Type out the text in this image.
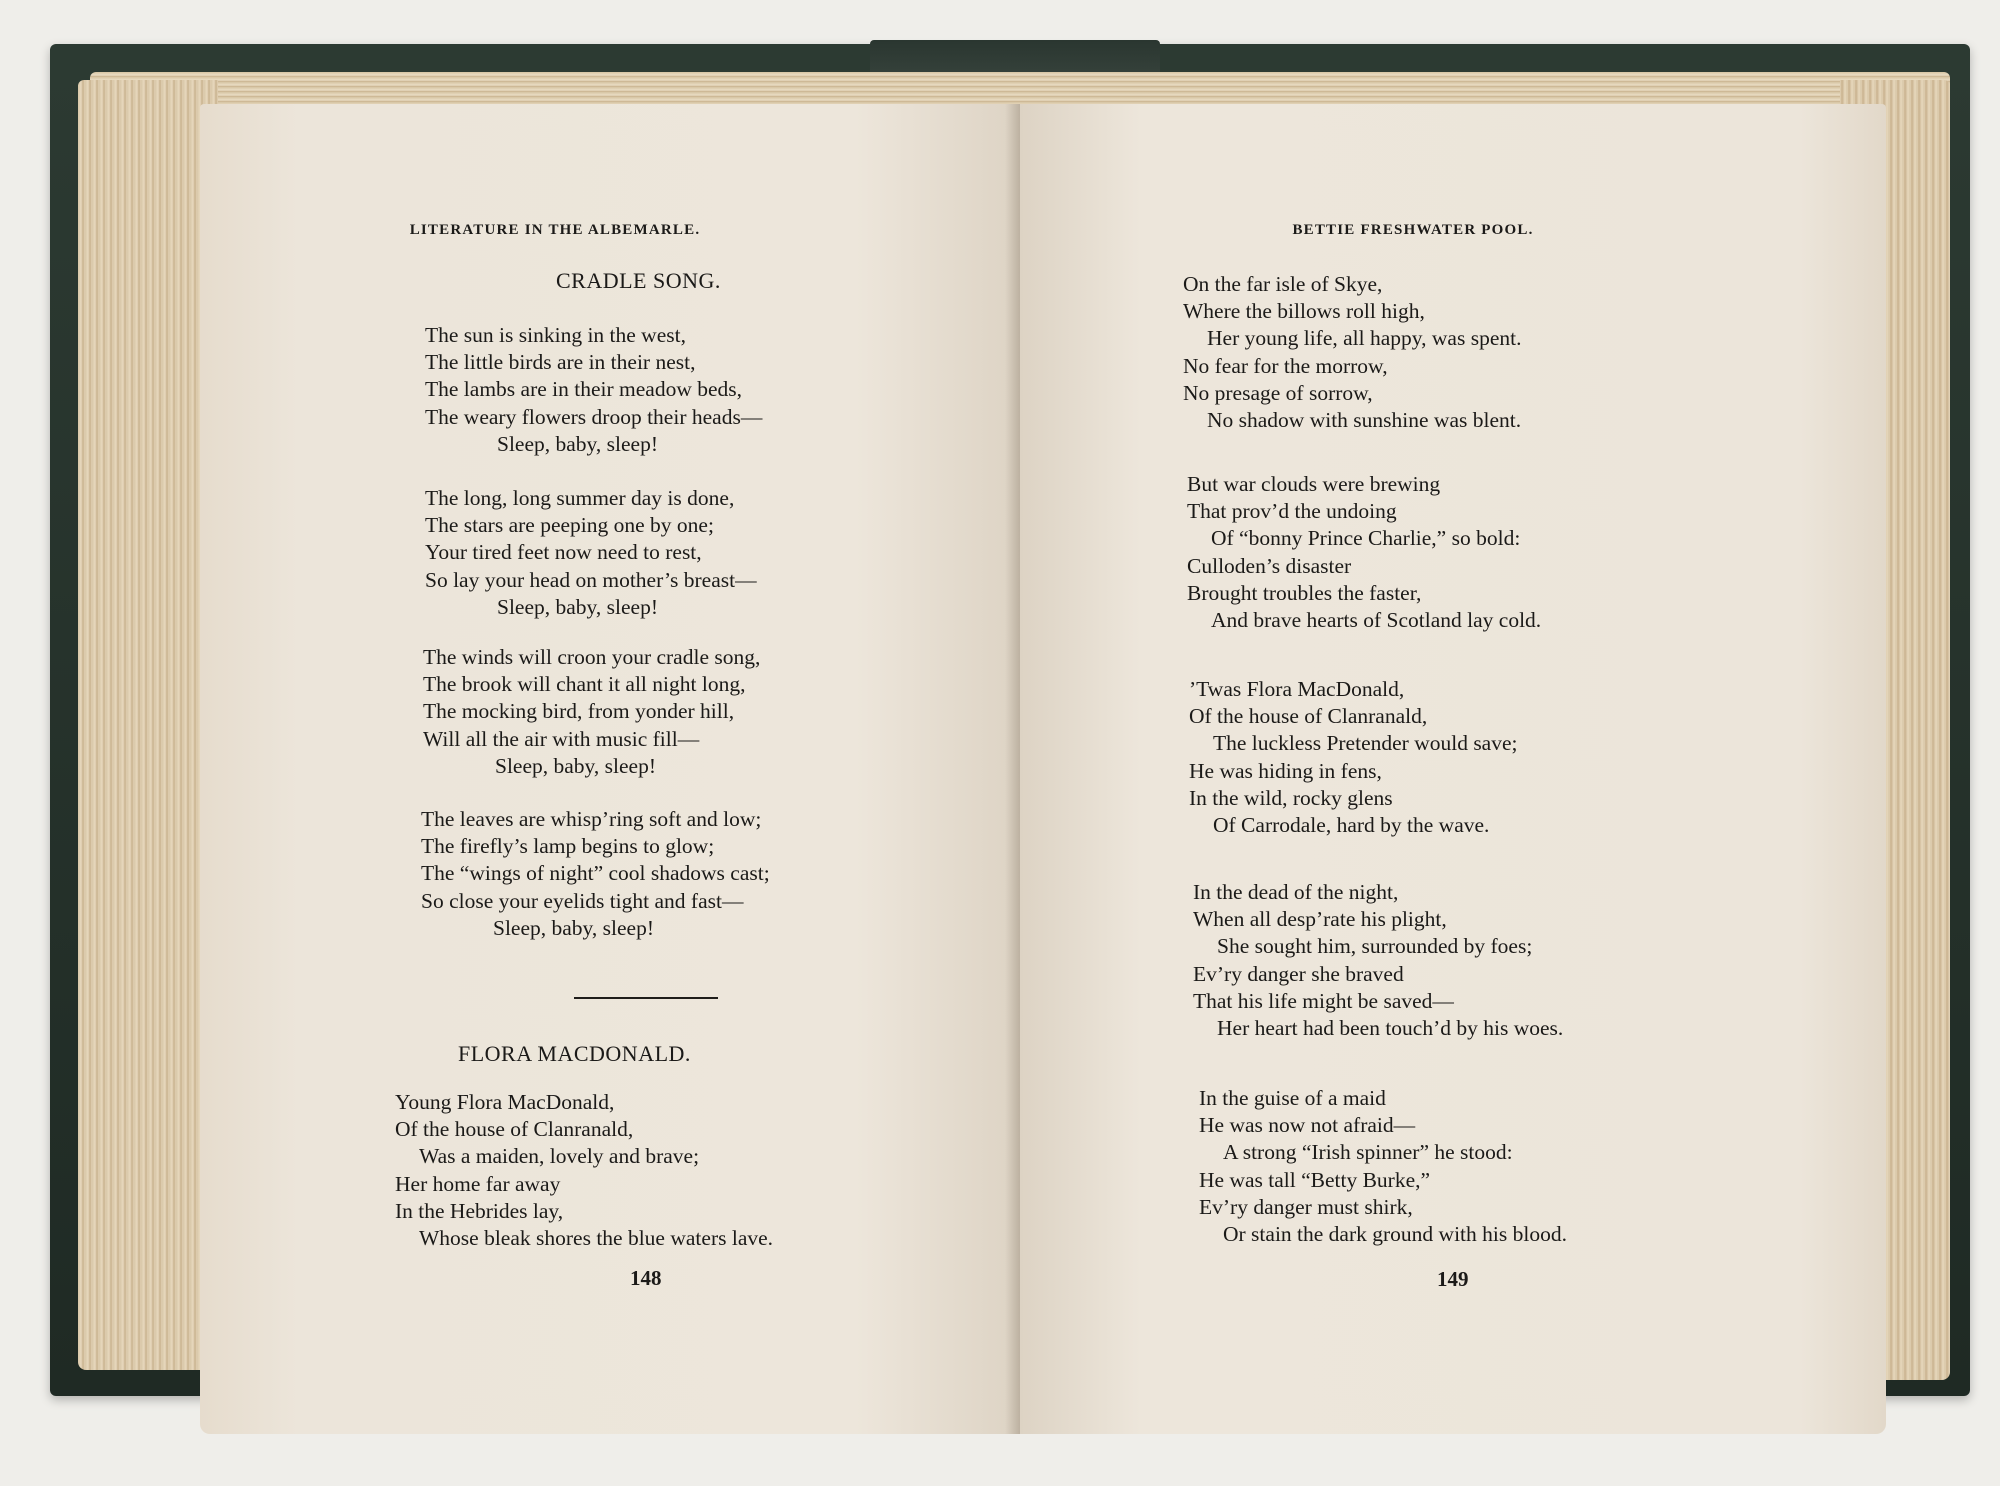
LITERATURE IN THE ALBEMARLE.
CRADLE SONG.
The sun is sinking in the west,
The little birds are in their nest,
The lambs are in their meadow beds,
The weary flowers droop their heads—
Sleep, baby, sleep!
The long, long summer day is done,
The stars are peeping one by one;
Your tired feet now need to rest,
So lay your head on mother’s breast—
Sleep, baby, sleep!
The winds will croon your cradle song,
The brook will chant it all night long,
The mocking bird, from yonder hill,
Will all the air with music fill—
Sleep, baby, sleep!
The leaves are whisp’ring soft and low;
The firefly’s lamp begins to glow;
The “wings of night” cool shadows cast;
So close your eyelids tight and fast—
Sleep, baby, sleep!
FLORA MACDONALD.
Young Flora MacDonald,
Of the house of Clanranald,
Was a maiden, lovely and brave;
Her home far away
In the Hebrides lay,
Whose bleak shores the blue waters lave.
148
BETTIE FRESHWATER POOL.
On the far isle of Skye,
Where the billows roll high,
Her young life, all happy, was spent.
No fear for the morrow,
No presage of sorrow,
No shadow with sunshine was blent.
But war clouds were brewing
That prov’d the undoing
Of “bonny Prince Charlie,” so bold:
Culloden’s disaster
Brought troubles the faster,
And brave hearts of Scotland lay cold.
’Twas Flora MacDonald,
Of the house of Clanranald,
The luckless Pretender would save;
He was hiding in fens,
In the wild, rocky glens
Of Carrodale, hard by the wave.
In the dead of the night,
When all desp’rate his plight,
She sought him, surrounded by foes;
Ev’ry danger she braved
That his life might be saved—
Her heart had been touch’d by his woes.
In the guise of a maid
He was now not afraid—
A strong “Irish spinner” he stood:
He was tall “Betty Burke,”
Ev’ry danger must shirk,
Or stain the dark ground with his blood.
149
